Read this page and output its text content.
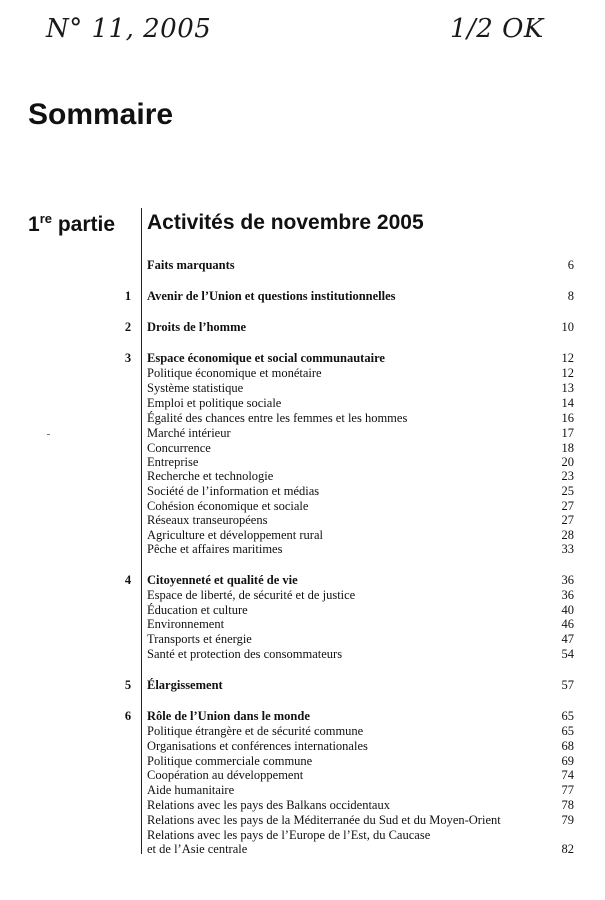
N° 11, 2005	1/2 OK
Sommaire
1re partie Activités de novembre 2005
Faits marquants	6
1 Avenir de l’Union et questions institutionnelles	8
2 Droits de l’homme	10
3 Espace économique et social communautaire	12
Politique économique et monétaire	12
Système statistique	13
Emploi et politique sociale	14
Égalité des chances entre les femmes et les hommes	16
Marché intérieur	17
Concurrence	18
Entreprise	20
Recherche et technologie	23
Société de l’information et médias	25
Cohésion économique et sociale	27
Réseaux transeuropéens	27
Agriculture et développement rural	28
Pêche et affaires maritimes	33
4 Citoyenneté et qualité de vie	36
Espace de liberté, de sécurité et de justice	36
Éducation et culture	40
Environnement	46
Transports et énergie	47
Santé et protection des consommateurs	54
5 Élargissement	57
6 Rôle de l’Union dans le monde	65
Politique étrangère et de sécurité commune	65
Organisations et conférences internationales	68
Politique commerciale commune	69
Coopération au développement	74
Aide humanitaire	77
Relations avec les pays des Balkans occidentaux	78
Relations avec les pays de la Méditerranée du Sud et du Moyen-Orient	79
Relations avec les pays de l’Europe de l’Est, du Caucase
et de l’Asie centrale	82
